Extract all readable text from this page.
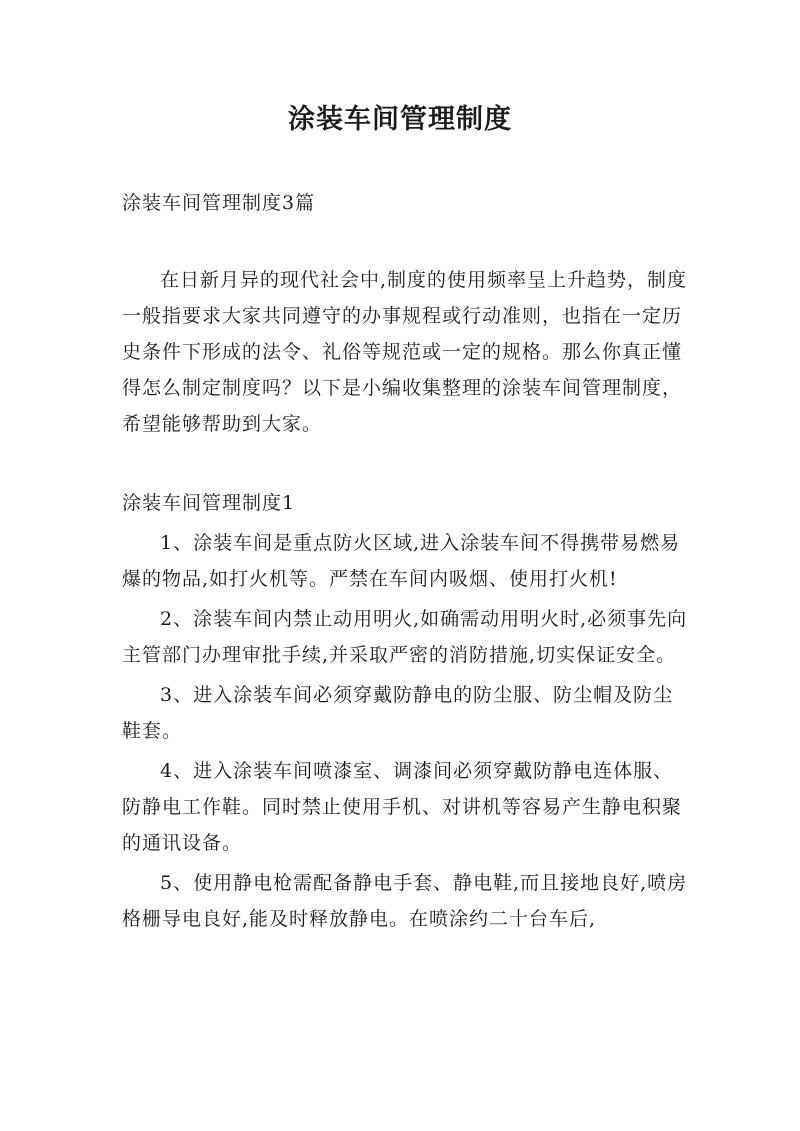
涂装车间管理制度

涂装车间管理制度3篇

在日新月异的现代社会中,制度的使用频率呈上升趋势，制度一般指要求大家共同遵守的办事规程或行动准则，也指在一定历史条件下形成的法令、礼俗等规范或一定的规格。那么你真正懂得怎么制定制度吗？以下是小编收集整理的涂装车间管理制度，希望能够帮助到大家。

涂装车间管理制度1

1、涂装车间是重点防火区域,进入涂装车间不得携带易燃易爆的物品,如打火机等。严禁在车间内吸烟、使用打火机!

2、涂装车间内禁止动用明火,如确需动用明火时,必须事先向主管部门办理审批手续,并采取严密的消防措施,切实保证安全。

3、进入涂装车间必须穿戴防静电的防尘服、防尘帽及防尘鞋套。

4、进入涂装车间喷漆室、调漆间必须穿戴防静电连体服、防静电工作鞋。同时禁止使用手机、对讲机等容易产生静电积聚的通讯设备。

5、使用静电枪需配备静电手套、静电鞋,而且接地良好,喷房格栅导电良好,能及时释放静电。在喷涂约二十台车后,
